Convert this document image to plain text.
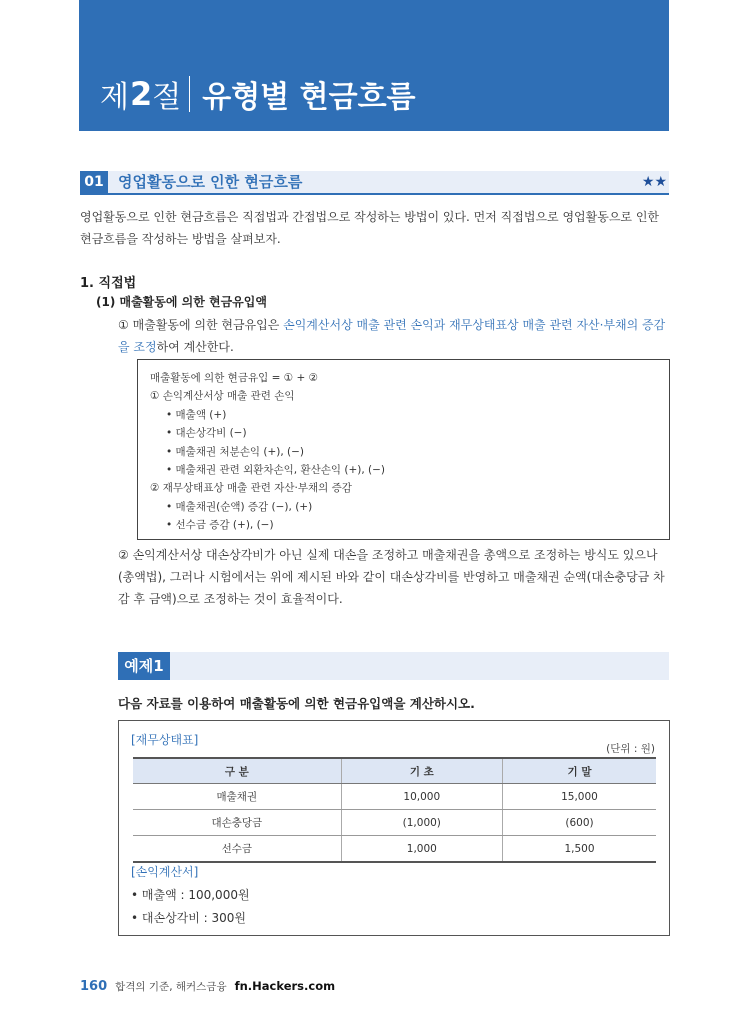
제 2 절 유형별 현금흐름
01 영업활동으로 인한 현금흐름	★★
영업활동으로 인한 현금흐름은 직접법과 간접법으로 작성하는 방법이 있다. 먼저 직접법으로 영업활동으로 인한 현금흐름을 작성하는 방법을 살펴보자.
1. 직접법
(1) 매출활동에 의한 현금유입액
① 매출활동에 의한 현금유입은 손익계산서상 매출 관련 손익과 재무상태표상 매출 관련 자산·부채의 증감을 조정하여 계산한다.
매출활동에 의한 현금유입 = ① + ②
① 손익계산서상 매출 관련 손익
• 매출액 (+)
• 대손상각비 (−)
• 매출채권 처분손익 (+), (−)
• 매출채권 관련 외환차손익, 환산손익 (+), (−)
② 재무상태표상 매출 관련 자산·부채의 증감
• 매출채권(순액) 증감 (−), (+)
• 선수금 증감 (+), (−)
② 손익계산서상 대손상각비가 아닌 실제 대손을 조정하고 매출채권을 총액으로 조정하는 방식도 있으나(총액법), 그러나 시험에서는 위에 제시된 바와 같이 대손상각비를 반영하고 매출채권 순액(대손충당금 차감 후 금액)으로 조정하는 것이 효율적이다.
예제1
다음 자료를 이용하여 매출활동에 의한 현금유입액을 계산하시오.
[재무상태표]
(단위 : 원)
구 분	기 초	기 말
매출채권	10,000	15,000
대손충당금	(1,000)	(600)
선수금	1,000	1,500
[손익계산서]
• 매출액 : 100,000원
• 대손상각비 : 300원
160 합격의 기준, 해커스금융 fn.Hackers.com
